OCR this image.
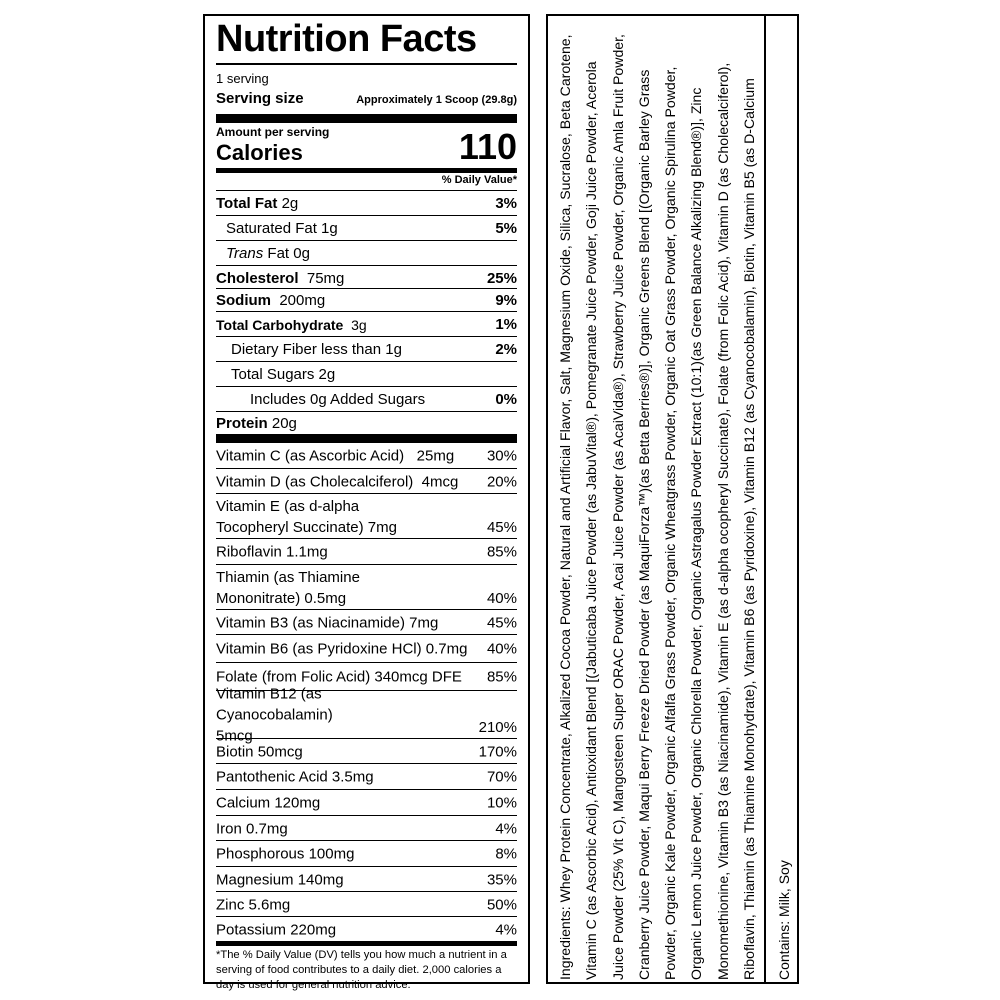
Nutrition Facts
1 serving
Serving size	Approximately 1 Scoop (29.8g)
Amount per serving
Calories	110
% Daily Value*
Total Fat 2g	3%
Saturated Fat 1g	5%
Trans Fat 0g
Cholesterol 75mg	25%
Sodium 200mg	9%
Total Carbohydrate 3g	1%
Dietary Fiber less than 1g	2%
Total Sugars 2g
Includes 0g Added Sugars	0%
Protein 20g
Vitamin C (as Ascorbic Acid) 25mg 30%
Vitamin D (as Cholecalciferol) 4mcg 20%
Vitamin E (as d-alpha Tocopheryl Succinate) 7mg	45%
Riboflavin 1.1mg	85%
Thiamin (as Thiamine Mononitrate) 0.5mg	40%
Vitamin B3 (as Niacinamide) 7mg	45%
Vitamin B6 (as Pyridoxine HCl) 0.7mg 40%
Folate (from Folic Acid) 340mcg DFE 85%
Vitamin B12 (as Cyanocobalamin) 5mcg	210%
Biotin 50mcg	170%
Pantothenic Acid 3.5mg	70%
Calcium 120mg	10%
Iron 0.7mg	4%
Phosphorous 100mg	8%
Magnesium 140mg	35%
Zinc 5.6mg	50%
Potassium 220mg	4%
*The % Daily Value (DV) tells you how much a nutrient in a serving of food contributes to a daily diet. 2,000 calories a day is used for general nutrition advice.
Ingredients: Whey Protein Concentrate, Alkalized Cocoa Powder, Natural and Artificial Flavor, Salt, Magnesium Oxide, Silica, Sucralose, Beta Carotene, Vitamin C (as Ascorbic Acid), Antioxidant Blend [(Jabuticaba Juice Powder (as JabuVital®), Pomegranate Juice Powder, Goji Juice Powder, Acerola Juice Powder (25% Vit C), Mangosteen Super ORAC Powder, Acai Juice Powder (as AcaiVida®), Strawberry Juice Powder, Organic Amla Fruit Powder, Cranberry Juice Powder, Maqui Berry Freeze Dried Powder (as MaquiForza™)(as Betta Berries®)], Organic Greens Blend [(Organic Barley Grass Powder, Organic Kale Powder, Organic Alfalfa Grass Powder, Organic Wheatgrass Powder, Organic Oat Grass Powder, Organic Spirulina Powder, Organic Lemon Juice Powder, Organic Chlorella Powder, Organic Astragalus Powder Extract (10:1)(as Green Balance Alkalizing Blend®)], Zinc Monomethionine, Vitamin B3 (as Niacinamide), Vitamin E (as d-alpha ocopheryl Succinate), Folate (from Folic Acid), Vitamin D (as Cholecalciferol), Riboflavin, Thiamin (as Thiamine Monohydrate), Vitamin B6 (as Pyridoxine), Vitamin B12 (as Cyanocobalamin), Biotin, Vitamin B5 (as D-Calcium
Contains: Milk, Soy
